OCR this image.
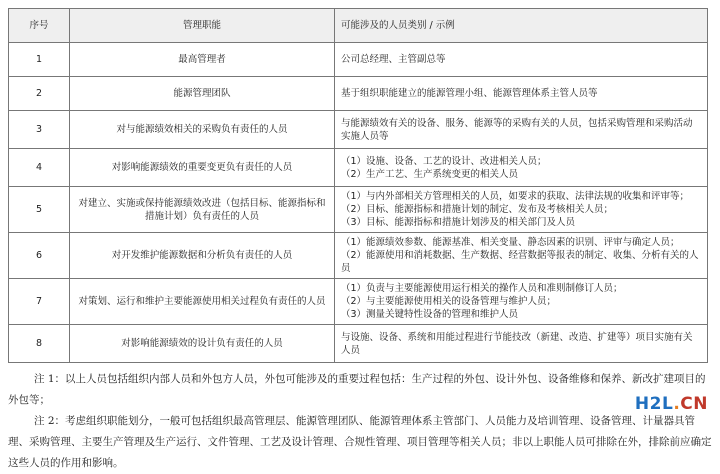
序号	管理职能	可能涉及的人员类别 / 示例
1	最高管理者	公司总经理、主管副总等

2	能源管理团队	基于组织职能建立的能源管理小组、能源管理体系主管人员等

3	对与能源绩效相关的采购负有责任的人员	与能源绩效有关的设备、服务、能源等的采购有关的人员，包括采购管理和采购活动实施人员等

4	对影响能源绩效的重要变更负有责任的人员	（1）设施、设备、工艺的设计、改进相关人员；
（2）生产工艺、生产系统变更的相关人员

5	对建立、实施或保持能源绩效改进（包括目标、能源指标和措施计划）负有责任的人员	（1）与内外部相关方管理相关的人员，如要求的获取、法律法规的收集和评审等；
（2）目标、能源指标和措施计划的制定、发布及考核相关人员；
（3）目标、能源指标和措施计划涉及的相关部门及人员

6	对开发维护能源数据和分析负有责任的人员	（1）能源绩效参数、能源基准、相关变量、静态因素的识别、评审与确定人员；
（2）能源使用和消耗数据、生产数据、经营数据等报表的制定、收集、分析有关的人员

7	对策划、运行和维护主要能源使用相关过程负有责任的人员	（1）负责与主要能源使用运行相关的操作人员和准则制修订人员；
（2）与主要能源使用相关的设备管理与维护人员；
（3）测量关键特性设备的管理和维护人员

8	对影响能源绩效的设计负有责任的人员	与设施、设备、系统和用能过程进行节能技改（新建、改造、扩建等）项目实施有关人员
注 1：以上人员包括组织内部人员和外包方人员，外包可能涉及的重要过程包括：生产过程的外包、设计外包、设备维修和保养、新改扩建项目的外包等；
注 2：考虑组织职能划分，一般可包括组织最高管理层、能源管理团队、能源管理体系主管部门、人员能力及培训管理、设备管理、计量器具管理、采购管理、主要生产管理及生产运行、文件管理、工艺及设计管理、合规性管理、项目管理等相关人员；非以上职能人员可排除在外，排除前应确定这些人员的作用和影响。
H2L.CN
